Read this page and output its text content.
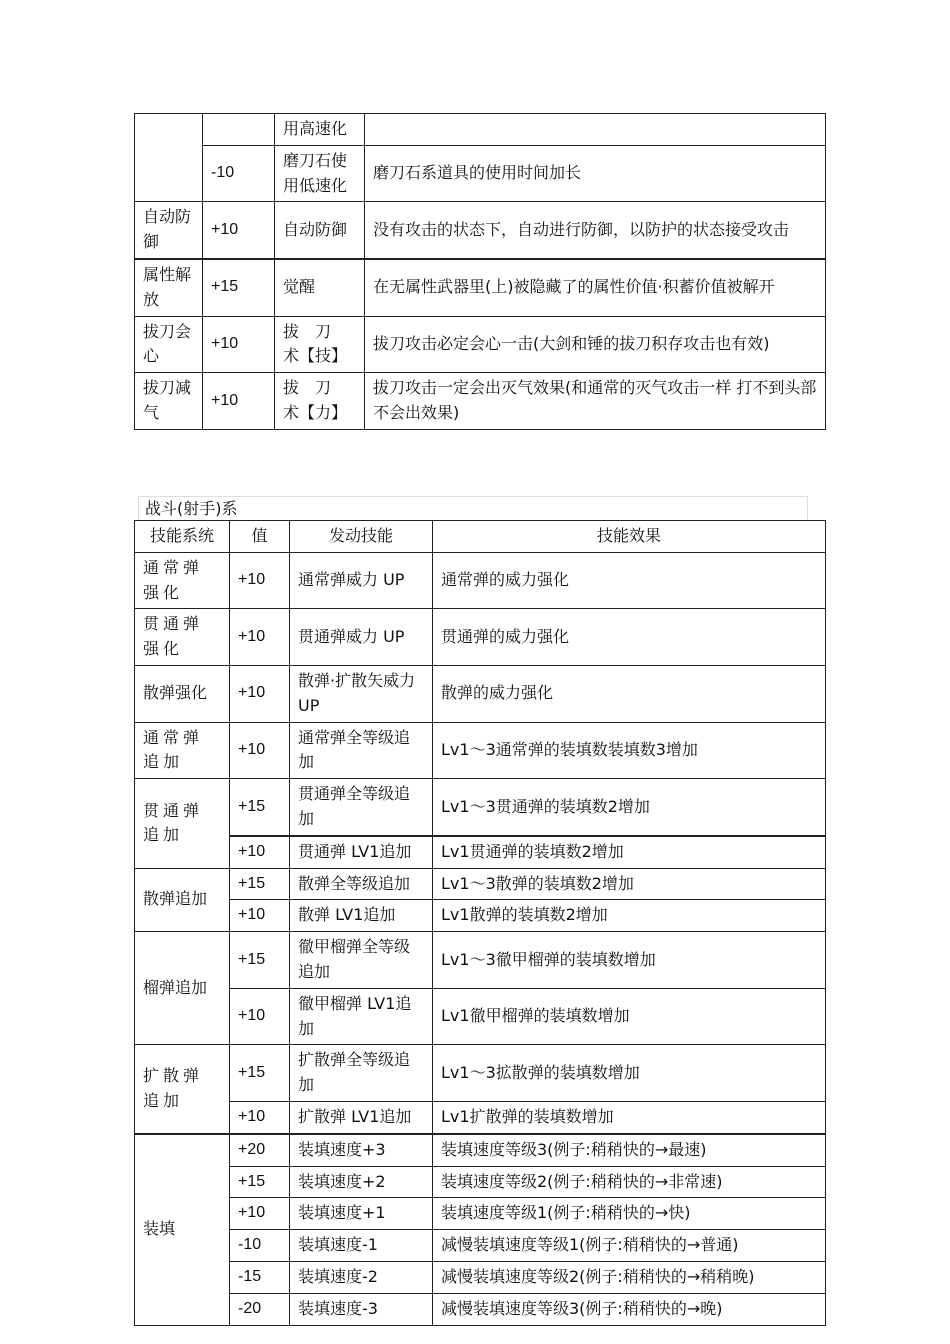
		用高速化	
	-10	磨刀石使用低速化	磨刀石系道具的使用时间加长
自动防御	+10	自动防御	没有攻击的状态下，自动进行防御，以防护的状态接受攻击
属性解放	+15	觉醒	在无属性武器里(上)被隐藏了的属性价值·积蓄价值被解开
拔刀会心	+10	拔　刀　术【技】	拔刀攻击必定会心一击(大剑和锤的拔刀积存攻击也有效)
拔刀减气	+10	拔　刀　术【力】	拔刀攻击一定会出灭气效果(和通常的灭气攻击一样 打不到头部不会出效果)
战斗(射手)系
技能系统	值	发动技能	技能效果
通常弹强化	+10	通常弹威力 UP	通常弹的威力强化
贯通弹强化	+10	贯通弹威力 UP	贯通弹的威力强化
散弹强化	+10	散弹·扩散矢威力 UP	散弹的威力强化
通常弹追加	+10	通常弹全等级追加	Lv1～3通常弹的装填数装填数3增加
贯通弹追加	+15	贯通弹全等级追加	Lv1～3贯通弹的装填数2增加
	+10	贯通弹 LV1追加	Lv1贯通弹的装填数2增加
散弹追加	+15	散弹全等级追加	Lv1～3散弹的装填数2增加
	+10	散弹 LV1追加	Lv1散弹的装填数2增加
榴弹追加	+15	徹甲榴弹全等级追加	Lv1～3徹甲榴弹的装填数增加
	+10	徹甲榴弹 LV1追加	Lv1徹甲榴弹的装填数增加
扩散弹追加	+15	扩散弹全等级追加	Lv1～3拡散弹的装填数增加
	+10	扩散弹 LV1追加	Lv1扩散弹的装填数增加
装填	+20	装填速度+3	装填速度等级3(例子:稍稍快的→最速)
	+15	装填速度+2	装填速度等级2(例子:稍稍快的→非常速)
	+10	装填速度+1	装填速度等级1(例子:稍稍快的→快)
	-10	装填速度-1	减慢装填速度等级1(例子:稍稍快的→普通)
	-15	装填速度-2	减慢装填速度等级2(例子:稍稍快的→稍稍晚)
	-20	装填速度-3	减慢装填速度等级3(例子:稍稍快的→晚)
